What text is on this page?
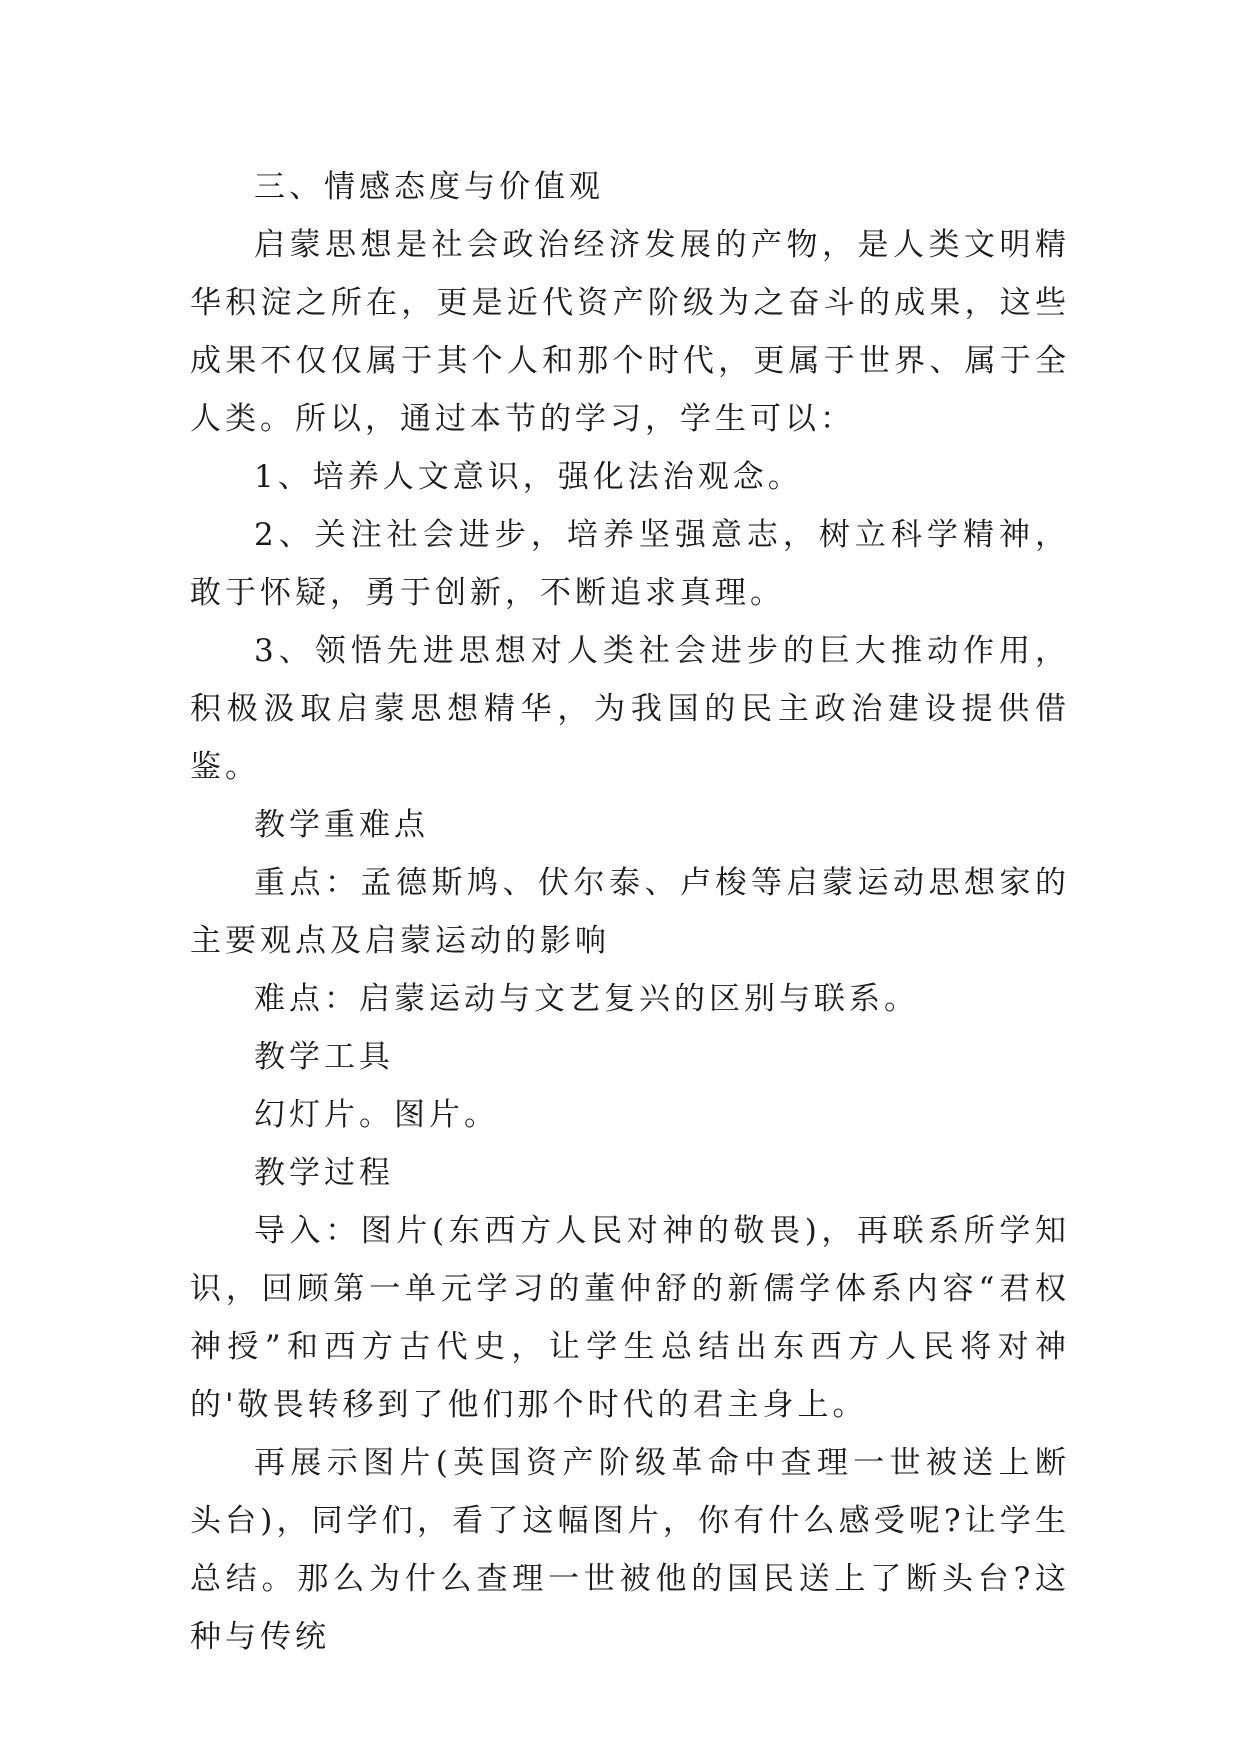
三、情感态度与价值观

启蒙思想是社会政治经济发展的产物，是人类文明精华积淀之所在，更是近代资产阶级为之奋斗的成果，这些成果不仅仅属于其个人和那个时代，更属于世界、属于全人类。所以，通过本节的学习，学生可以：

1、培养人文意识，强化法治观念。

2、关注社会进步，培养坚强意志，树立科学精神，敢于怀疑，勇于创新，不断追求真理。

3、领悟先进思想对人类社会进步的巨大推动作用，积极汲取启蒙思想精华，为我国的民主政治建设提供借鉴。

教学重难点

重点：孟德斯鸠、伏尔泰、卢梭等启蒙运动思想家的主要观点及启蒙运动的影响

难点：启蒙运动与文艺复兴的区别与联系。

教学工具

幻灯片。图片。

教学过程

导入：图片(东西方人民对神的敬畏)，再联系所学知识，回顾第一单元学习的董仲舒的新儒学体系内容“君权神授”和西方古代史，让学生总结出东西方人民将对神的'敬畏转移到了他们那个时代的君主身上。

再展示图片(英国资产阶级革命中查理一世被送上断头台)，同学们，看了这幅图片，你有什么感受呢?让学生总结。那么为什么查理一世被他的国民送上了断头台?这种与传统
